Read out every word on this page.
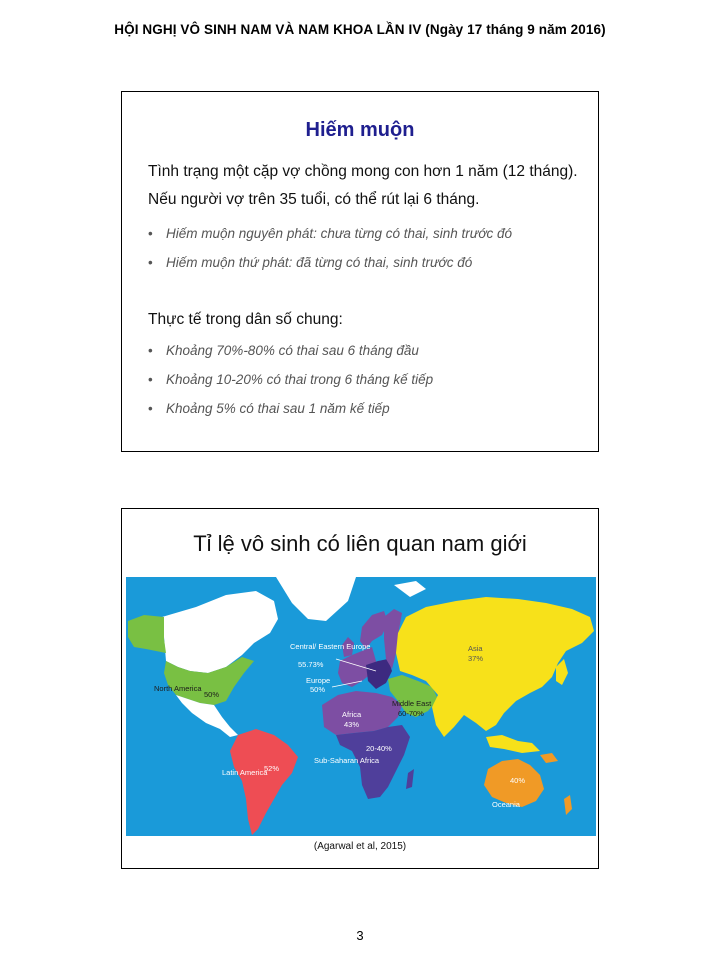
HỘI NGHỊ VÔ SINH NAM VÀ NAM KHOA LẦN IV (Ngày 17 tháng 9 năm 2016)
Hiếm muộn
Tình trạng một cặp vợ chồng mong con hơn 1 năm (12 tháng). Nếu người vợ trên 35 tuổi, có thể rút lại 6 tháng.
• Hiếm muộn nguyên phát: chưa từng có thai, sinh trước đó
• Hiếm muộn thứ phát: đã từng có thai, sinh trước đó
Thực tế trong dân số chung:
• Khoảng 70%-80% có thai sau 6 tháng đầu
• Khoảng 10-20% có thai trong 6 tháng kế tiếp
• Khoảng 5% có thai sau 1 năm kế tiếp
Tỉ lệ vô sinh có liên quan nam giới
North America
50%
Latin America
52%
Central/ Eastern Europe
55.73%
Europe
50%
Africa
43%
20-40%
Sub-Saharan Africa
Middle East
60-70%
Asia
37%
40%
Oceania
(Agarwal et al, 2015)
3
